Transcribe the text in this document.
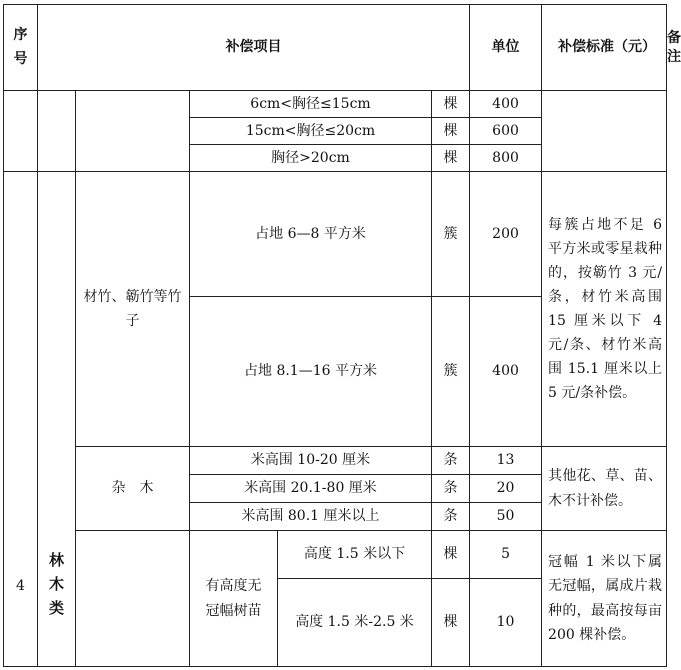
序号	补偿项目					单位	补偿标准（元）	备注
			6cm<胸径≤15cm		棵	400		
			15cm<胸径≤20cm		棵	600		
			胸径>20cm		棵	800		
4	林木类	材竹、簕竹等竹子	占地 6—8 平方米		簇	200	每簇占地不足 6 平方米或零星栽种的，按簕竹 3 元/条，材竹米高围 15 厘米以下 4 元/条、材竹米高围 15.1 厘米以上 5 元/条补偿。	
			占地 8.1—16 平方米		簇	400		
		杂　木	米高围 10-20 厘米		条	13	其他花、草、苗、木不计补偿。	
			米高围 20.1-80 厘米		条	20		
			米高围 80.1 厘米以上		条	50		
			有高度无冠幅树苗	高度 1.5 米以下	棵	5	冠幅 1 米以下属无冠幅，属成片栽种的，最高按每亩 200 棵补偿。	
				高度 1.5 米-2.5 米	棵	10		
